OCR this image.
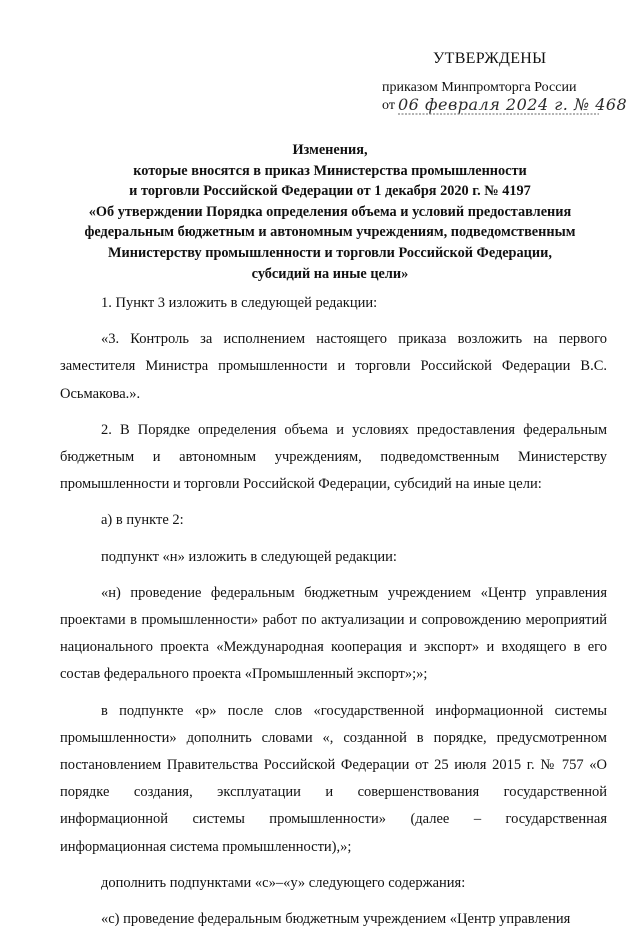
УТВЕРЖДЕНЫ
приказом Минпромторга России
от 06 февраля 2024 г. № 468
Изменения,
которые вносятся в приказ Министерства промышленности
и торговли Российской Федерации от 1 декабря 2020 г. № 4197
«Об утверждении Порядка определения объема и условий предоставления
федеральным бюджетным и автономным учреждениям, подведомственным
Министерству промышленности и торговли Российской Федерации,
субсидий на иные цели»

1. Пункт 3 изложить в следующей редакции:

«3. Контроль за исполнением настоящего приказа возложить на первого заместителя Министра промышленности и торговли Российской Федерации В.С. Осьмакова.».

2. В Порядке определения объема и условиях предоставления федеральным бюджетным и автономным учреждениям, подведомственным Министерству промышленности и торговли Российской Федерации, субсидий на иные цели:

а) в пункте 2:

подпункт «н» изложить в следующей редакции:

«н) проведение федеральным бюджетным учреждением «Центр управления проектами в промышленности» работ по актуализации и сопровождению мероприятий национального проекта «Международная кооперация и экспорт» и входящего в его состав федерального проекта «Промышленный экспорт»;»;

в подпункте «р» после слов «государственной информационной системы промышленности» дополнить словами «, созданной в порядке, предусмотренном постановлением Правительства Российской Федерации от 25 июля 2015 г. № 757 «О порядке создания, эксплуатации и совершенствования государственной информационной системы промышленности» (далее – государственная информационная система промышленности),»;

дополнить подпунктами «с»–«у» следующего содержания:

«с) проведение федеральным бюджетным учреждением «Центр управления
